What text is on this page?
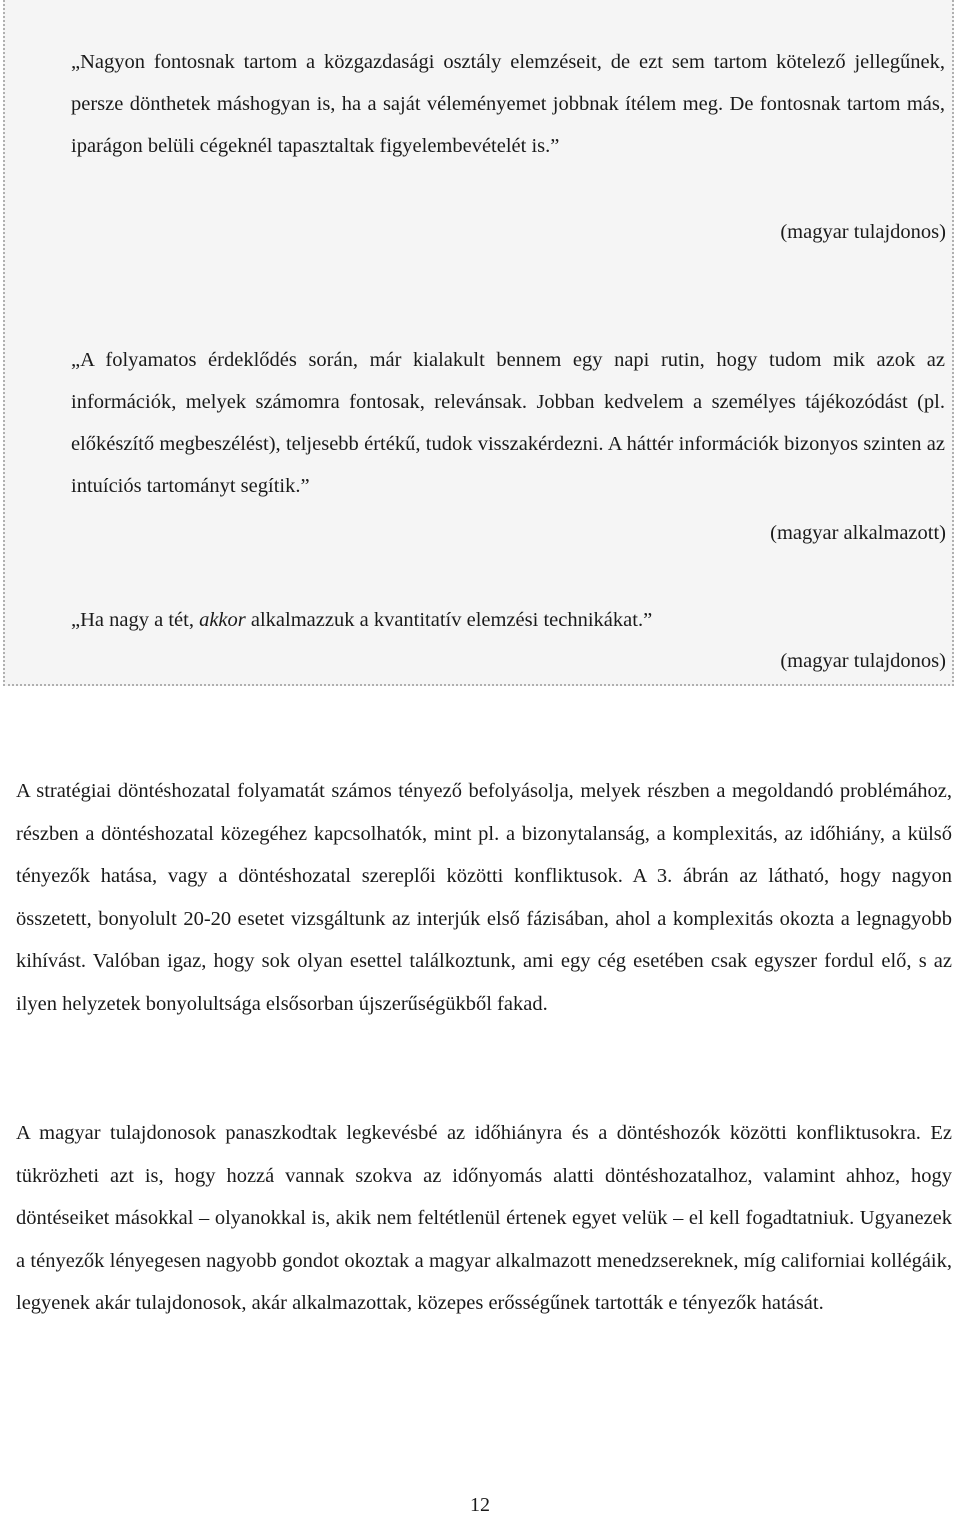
„Nagyon fontosnak tartom a közgazdasági osztály elemzéseit, de ezt sem tartom kötelező jellegűnek, persze dönthetek máshogyan is, ha a saját véleményemet jobbnak ítélem meg. De fontosnak tartom más, iparágon belüli cégeknél tapasztaltak figyelembevételét is.”

(magyar tulajdonos)

„A folyamatos érdeklődés során, már kialakult bennem egy napi rutin, hogy tudom mik azok az információk, melyek számomra fontosak, relevánsak. Jobban kedvelem a személyes tájékozódást (pl. előkészítő megbeszélést), teljesebb értékű, tudok visszakérdezni. A háttér információk bizonyos szinten az intuíciós tartományt segítik.”

(magyar alkalmazott)

„Ha nagy a tét, akkor alkalmazzuk a kvantitatív elemzési technikákat.”

(magyar tulajdonos)

A stratégiai döntéshozatal folyamatát számos tényező befolyásolja, melyek részben a megoldandó problémához, részben a döntéshozatal közegéhez kapcsolhatók, mint pl. a bizonytalanság, a komplexitás, az időhiány, a külső tényezők hatása, vagy a döntéshozatal szereplői közötti konfliktusok. A 3. ábrán az látható, hogy nagyon összetett, bonyolult 20-20 esetet vizsgáltunk az interjúk első fázisában, ahol a komplexitás okozta a legnagyobb kihívást. Valóban igaz, hogy sok olyan esettel találkoztunk, ami egy cég esetében csak egyszer fordul elő, s az ilyen helyzetek bonyolultsága elsősorban újszerűségükből fakad.

A magyar tulajdonosok panaszkodtak legkevésbé az időhiányra és a döntéshozók közötti konfliktusokra. Ez tükrözheti azt is, hogy hozzá vannak szokva az időnyomás alatti döntéshozatalhoz, valamint ahhoz, hogy döntéseiket másokkal – olyanokkal is, akik nem feltétlenül értenek egyet velük – el kell fogadtatniuk. Ugyanezek a tényezők lényegesen nagyobb gondot okoztak a magyar alkalmazott menedzsereknek, míg californiai kollégáik, legyenek akár tulajdonosok, akár alkalmazottak, közepes erősségűnek tartották e tényezők hatását.

12
